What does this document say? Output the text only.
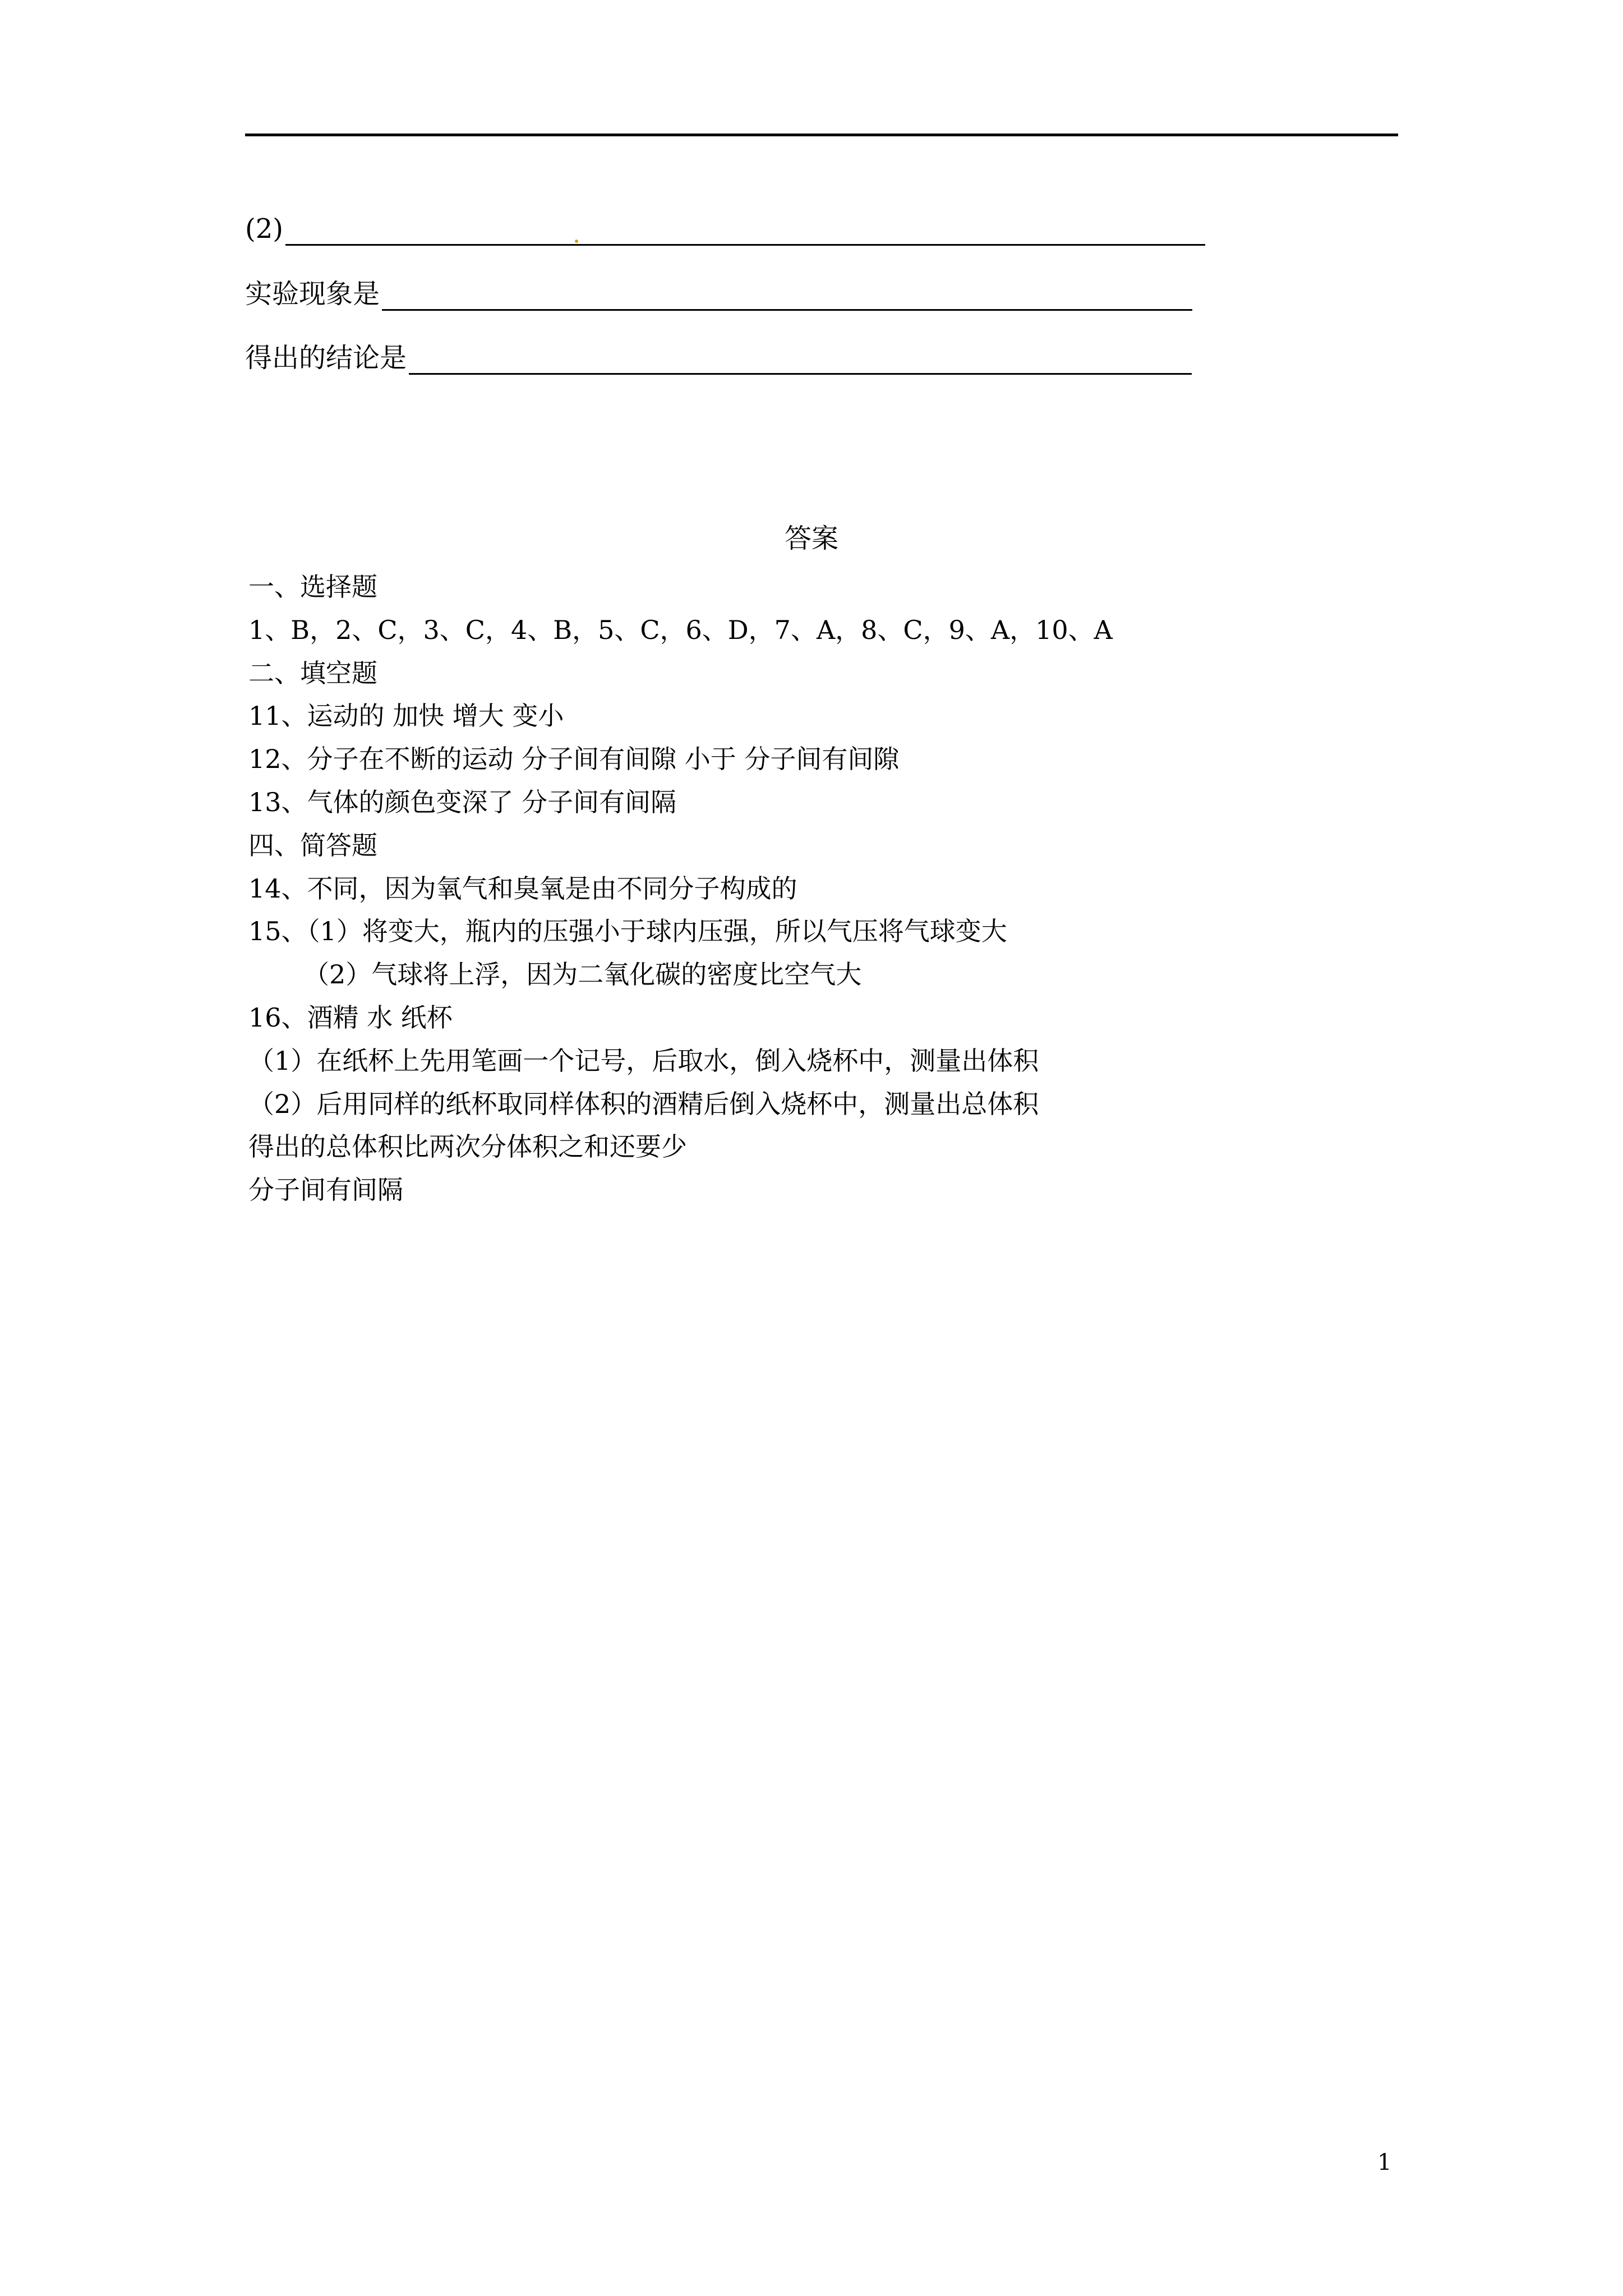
(2)
实验现象是
得出的结论是
答案
一、选择题
1、B，2、C，3、C，4、B，5、C，6、D，7、A，8、C，9、A，10、A
二、填空题
11、运动的 加快 增大 变小
12、分子在不断的运动 分子间有间隙 小于 分子间有间隙
13、气体的颜色变深了 分子间有间隔
四、简答题
14、不同，因为氧气和臭氧是由不同分子构成的
15、（1）将变大，瓶内的压强小于球内压强，所以气压将气球变大
（2）气球将上浮，因为二氧化碳的密度比空气大
16、酒精 水 纸杯
（1）在纸杯上先用笔画一个记号，后取水，倒入烧杯中，测量出体积
（2）后用同样的纸杯取同样体积的酒精后倒入烧杯中，测量出总体积
得出的总体积比两次分体积之和还要少
分子间有间隔
1
